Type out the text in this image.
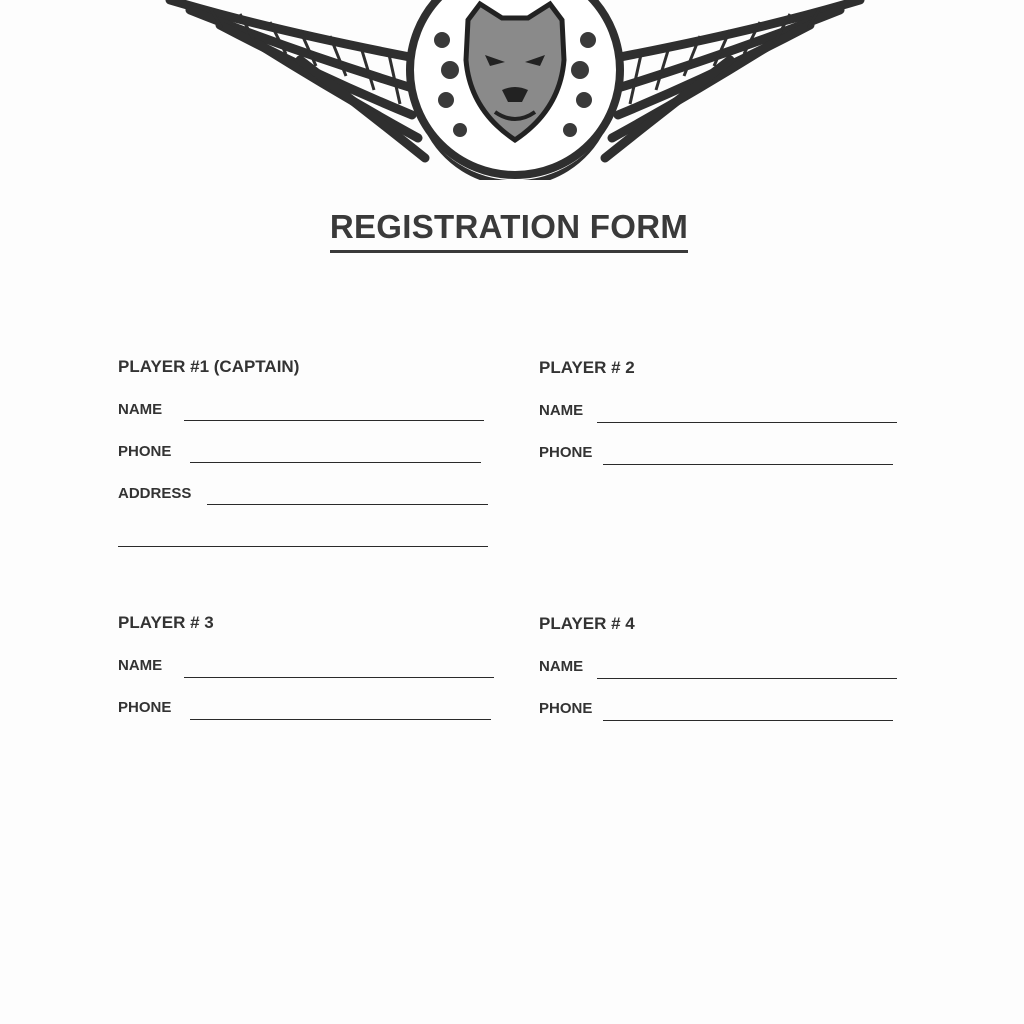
REGISTRATION FORM
PLAYER #1 (CAPTAIN)
NAME
PHONE
ADDRESS
PLAYER # 2
NAME
PHONE
PLAYER # 3
NAME
PHONE
PLAYER # 4
NAME
PHONE
